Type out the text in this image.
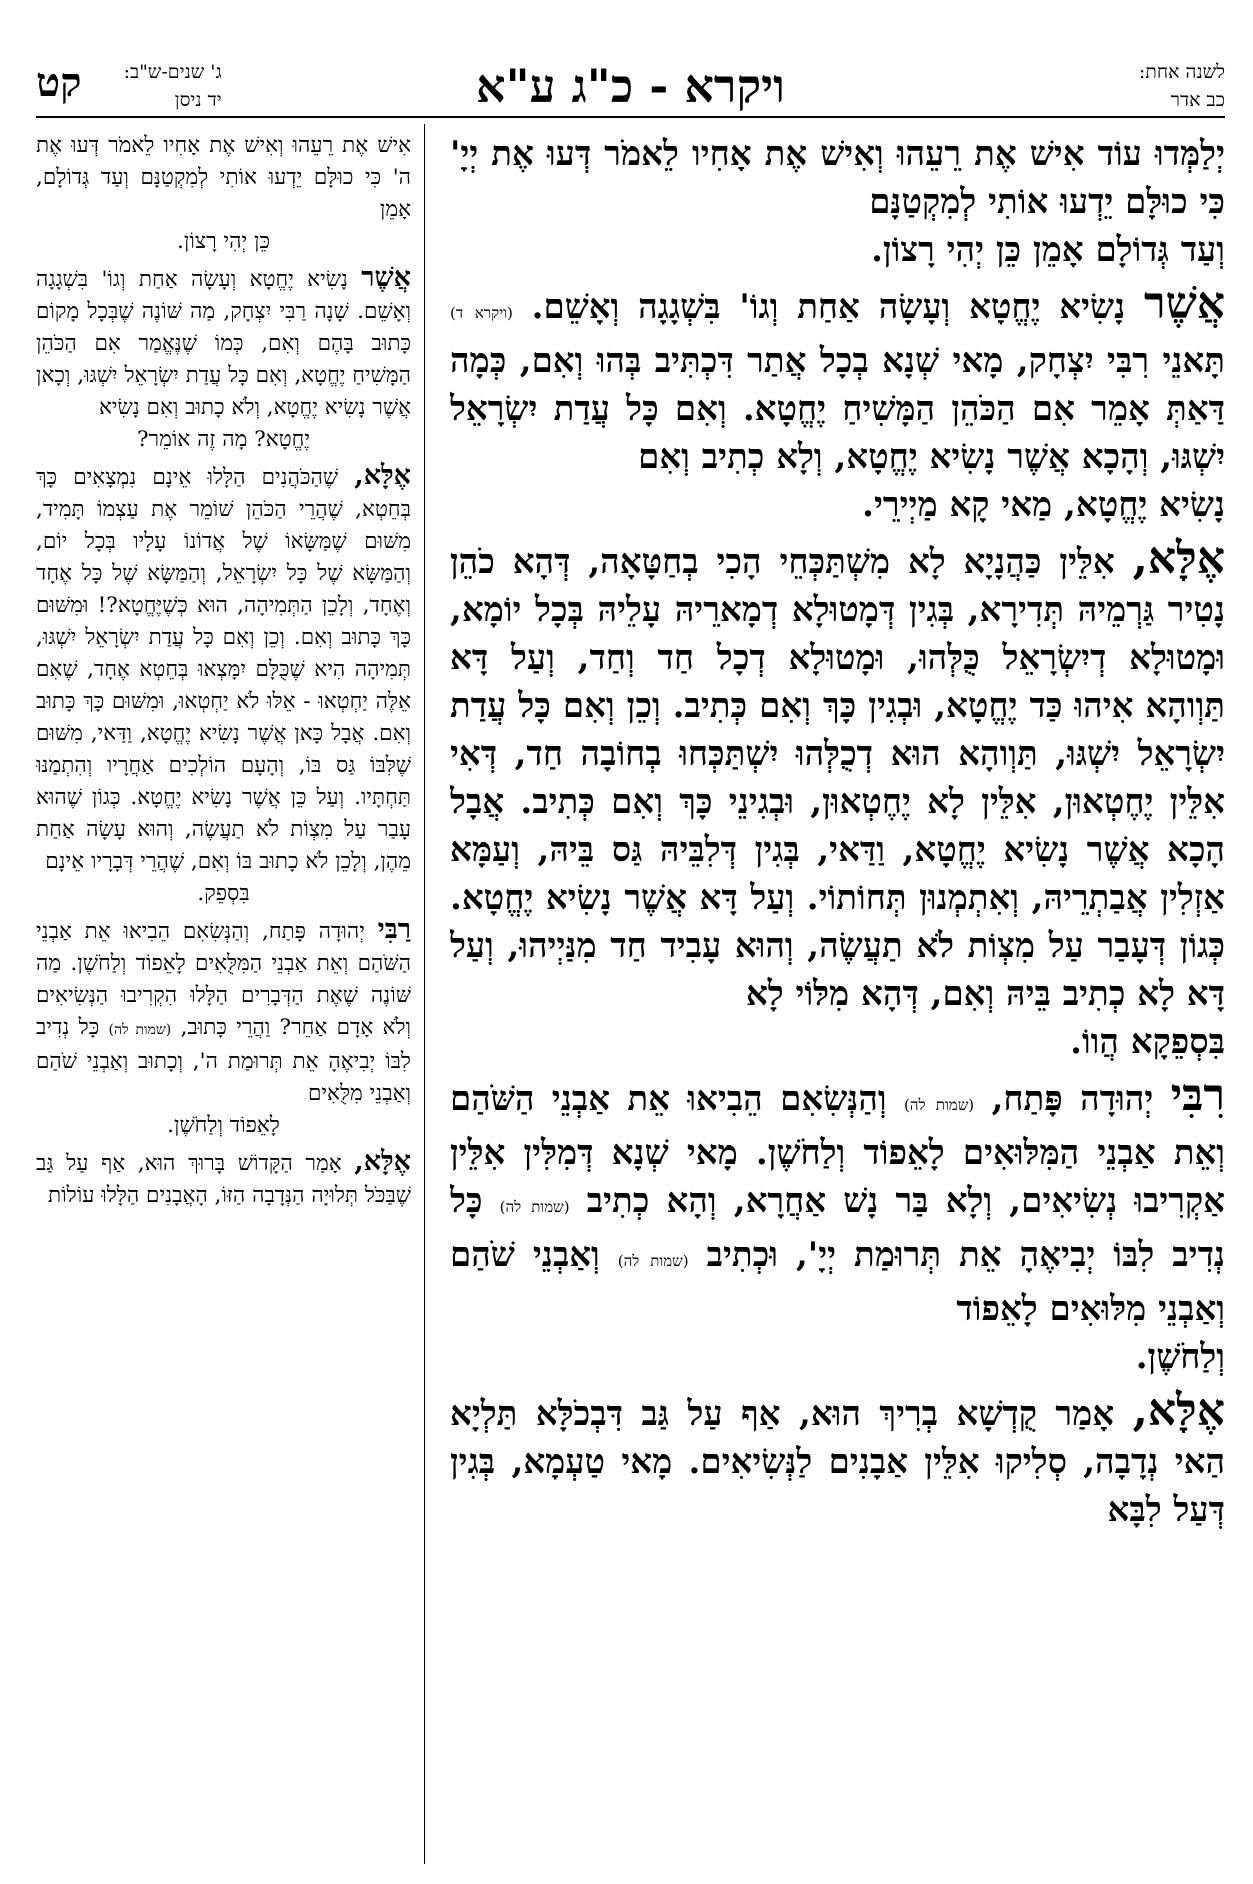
לשנה אחת:
כב אדר
ויקרא - כ"ג ע"א
ג' שנים-ש"ב:
יד ניסן
קט

יְלַמְּדוּ עוֹד אִישׁ אֶת רֵעֵהוּ וְאִישׁ אֶת אָחִיו לֵאמֹר דְּעוּ אֶת יְיָ' כִּי כוּלָּם יֵדְעוּ אוֹתִי לְמִקְטַנָּם
וְעַד גְּדוֹלָם אָמֵן כֵּן יְהִי רָצוֹן.

אֲשֶׁר נָשִׂיא יֶחֱטָא וְעָשָׂה אַחַת וְגוֹ' בִּשְׁגָגָה וְאָשֵׁם. (ויקרא ד) תָּאנֵי רִבִּי יִצְחָק, מָאי שְׁנָא בְכָל אֲתַר דִּכְתִּיב בְּהוּ וְאִם, כְּמָה דַּאַתְּ אָמֵר אִם הַכֹּהֵן הַמָּשִׁיחַ יֶחֱטָא. וְאִם כָּל עֲדַת יִשְׂרָאֵל יִשְׁגּוּ, וְהָכָא אֲשֶׁר נָשִׂיא יֶחֱטָא, וְלָא כְתִיב וְאִם
נָשִׂיא יֶחֱטָא, מַאי קָא מַיְירֵי.

אֶלָּא, אִלֵּין כַּהֲנָיָא לָא מִשְׁתַּכְּחֵי הָכִי בְחַטָּאָה, דְּהָא כֹהֵן נָטִיר גַּרְמֵיהּ תְּדִירָא, בְּגִין דְּמָטוּלָא דְמָארֵיהּ עָלֵיהּ בְּכָל יוֹמָא, וּמָטוּלָא דְיִשְׂרָאֵל כֻּלְּהוּ, וּמָטוּלָא דְכָל חַד וְחַד, וְעַל דָּא תַּוְוהָא אִיהוּ כַּד יֶחֱטָא, וּבְגִין כָּךְ וְאִם כְּתִיב. וְכֵן וְאִם כָּל עֲדַת יִשְׂרָאֵל יִשְׁגּוּ, תַּוְוהָא הוּא דְכֻלְּהוּ יִשְׁתַּכְּחוּ בְחוֹבָה חַד, דְּאִי אִלֵּין יֶחֶטְאוּן, אִלֵּין לָא יֶחֶטְאוּן, וּבְגִינֵי כָּךְ וְאִם כְּתִיב. אֲבָל הָכָא אֲשֶׁר נָשִׂיא יֶחֱטָא, וַדַּאי, בְּגִין דְּלִבֵּיהּ גַּס בֵּיהּ, וְעַמָּא אַזְלִין אֲבַתְרֵיהּ, וְאִתְמְנוּן תְּחוֹתוֹי. וְעַל דָּא אֲשֶׁר נָשִׂיא יֶחֱטָא. כְּגוֹן דְּעָבַר עַל מִצְוֹת לֹא תַעֲשֶׂה, וְהוּא עָבִיד חַד מִנַּיְיהוּ, וְעַל דָּא לָא כְתִיב בֵּיהּ וְאִם, דְּהָא מִלּוֹי לָא
בִּסְפֵקָא הֲווֹ.

רִבִּי יְהוּדָה פָּתַח, (שמות לה) וְהַנְּשִׂאִם הֵבִיאוּ אֵת אַבְנֵי הַשֹּׁהַם וְאֵת אַבְנֵי הַמִּלּוּאִים לָאֵפוֹד וְלַחֹשֶׁן. מָאי שְׁנָא דְּמִלִּין אִלֵּין אַקְרִיבוּ נְשִׂיאִים, וְלָא בַּר נָשׁ אַחֲרָא, וְהָא כְתִיב (שמות לה) כָּל נְדִיב לִבּוֹ יְבִיאֶהָ אֵת תְּרוּמַת יְיָ', וּכְתִיב (שמות לה) וְאַבְנֵי שֹׁהַם וְאַבְנֵי מִלּוּאִים לָאֵפוֹד
וְלַחֹשֶׁן.

אֶלָּא, אָמַר קֻדְשָׁא בְרִיךְ הוּא, אַף עַל גַּב דִּבְכֹלָּא תַּלְיָא הַאי נְדָבָה, סְלִיקוּ אִלֵּין אַבָנִים לַנְּשִׂיאִים. מָאי טַעְמָא, בְּגִין דְּעַל לִבָּא

אִישׁ אֶת רֵעֵהוּ וְאִישׁ אֶת אָחִיו לֵאמֹר דְּעוּ אֶת ה' כִּי כוּלָּם יֵדְעוּ אוֹתִי לְמִקְטַנָּם וְעַד גְּדוֹלָם, אָמֵן
כֵּן יְהִי רָצוֹן.

אֲשֶׁר נָשִׂיא יֶחֱטָא וְעָשָׂה אַחַת וְגוֹ' בִּשְׁגָגָה וְאָשֵׁם. שָׁנָה רַבִּי יִצְחָק, מַה שּׁוֹנֶה שֶׁבְּכָל מָקוֹם כָּתוּב בָּהֶם וְאִם, כְּמוֹ שֶׁנֶּאֱמַר אִם הַכֹּהֵן הַמָּשִׁיחַ יֶחֱטָא, וְאִם כָּל עֲדַת יִשְׂרָאֵל יִשְׁגּוּ, וְכָאן אֲשֶׁר נָשִׂיא יֶחֱטָא, וְלֹא כָתוּב וְאִם נָשִׂיא
יֶחֱטָא? מָה זֶה אוֹמֵר?

אֶלָּא, שֶׁהַכֹּהֲנִים הַלָּלוּ אֵינָם נִמְצָאִים כָּךְ בְּחֵטְא, שֶׁהֲרֵי הַכֹּהֵן שׁוֹמֵר אֶת עַצְמוֹ תָּמִיד, מִשּׁוּם שֶׁמַּשָּׂאוֹ שֶׁל אֲדוֹנוֹ עָלָיו בְּכָל יוֹם, וְהַמַּשָּׂא שֶׁל כָּל יִשְׂרָאֵל, וְהַמַּשָּׂא שֶׁל כָּל אֶחָד וְאֶחָד, וְלָכֵן הַתְּמִיהָה, הוּא כְּשֶׁיֶּחֱטָא?! וּמִשּׁוּם כָּךְ כָּתוּב וְאִם. וְכֵן וְאִם כָּל עֲדַת יִשְׂרָאֵל יִשְׁגּוּ, תְּמִיהָה הִיא שֶׁכֻּלָּם יִמָּצְאוּ בְּחֵטְא אֶחָד, שֶׁאִם אֵלֶּה יַחְטְאוּ - אֵלּוּ לֹא יַחְטְאוּ, וּמִשּׁוּם כָּךְ כָּתוּב וְאִם. אֲבָל כָּאן אֲשֶׁר נָשִׂיא יֶחֱטָא, וַדַּאי, מִשּׁוּם שֶׁלִּבּוֹ גַּס בּוֹ, וְהָעָם הוֹלְכִים אַחֲרָיו וְהִתְמַנּוּ תַּחְתָּיו. וְעַל כֵּן אֲשֶׁר נָשִׂיא יֶחֱטָא. כְּגוֹן שֶׁהוּא עָבַר עַל מִצְוֹת לֹא תַעֲשֶׂה, וְהוּא עָשָׂה אַחַת מֵהֶן, וְלָכֵן לֹא כָתוּב בּוֹ וְאִם, שֶׁהֲרֵי דְּבָרָיו אֵינָם
בִּסְפֵק.

רַבִּי יְהוּדָה פָּתַח, וְהַנְּשִׂאִם הֵבִיאוּ אֵת אַבְנֵי הַשֹּׁהַם וְאֵת אַבְנֵי הַמִּלֻּאִים לָאֵפוֹד וְלַחֹשֶׁן. מַה שּׁוֹנֶה שֶׁאֶת הַדְּבָרִים הַלָּלוּ הִקְרִיבוּ הַנְּשִׂיאִים וְלֹא אָדָם אַחֵר? וַהֲרֵי כָּתוּב, (שמות לה) כָּל נְדִיב לִבּוֹ יְבִיאֶהָ אֵת תְּרוּמַת ה', וְכָתוּב וְאַבְנֵי שֹׁהַם וְאַבְנֵי מִלֻּאִים
לָאֵפוֹד וְלַחֹשֶׁן.

אֶלָּא, אָמַר הַקָּדוֹשׁ בָּרוּךְ הוּא, אַף עַל גַּב שֶׁבַּכֹּל תְּלוּיָה הַנְּדָבָה הַזּוֹ, הָאֲבָנִים הַלָּלוּ עוֹלוֹת
